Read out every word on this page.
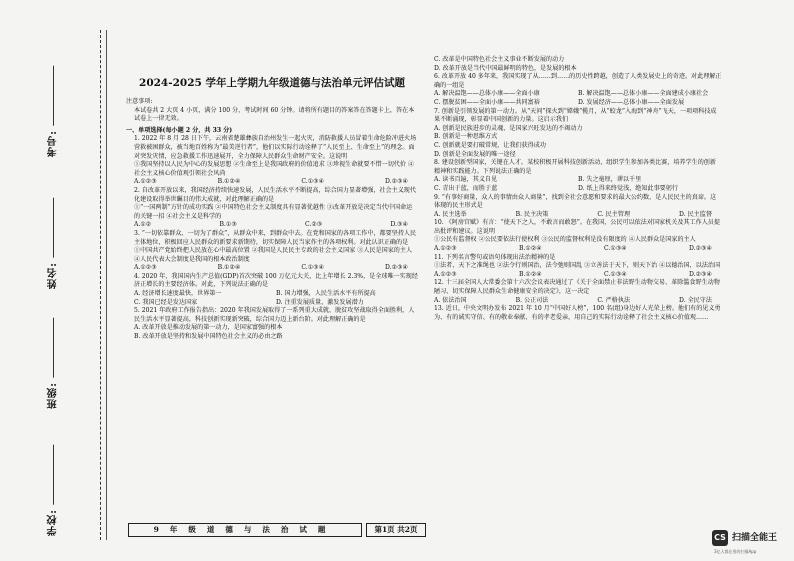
学校:
班级:
姓名:
考号:
2024-2025 学年上学期九年级道德与法治单元评估试题

注意事项:

本试卷共 2 大页 4 小页，满分 100 分，考试时间 60 分钟。请将所有题目的答案答在答题卡上，答在本试卷上一律无效。

一、单项选择(每小题 2 分，共 33 分)

1. 2022 年 8 月 28 日下午，云南省楚雄彝族自治州发生一起火灾，消防救援人员冒着生命危险冲进火场营救被困群众，被当地百姓称为“最美逆行者”，他们以实际行动诠释了“人民至上、生命至上”的理念。面对突发灾情，应急救援工作迅速展开，全力保障人民群众生命财产安全。这说明

①我国坚持以人民为中心的发展思想 ②生命至上是我国政府的价值追求 ③珍视生命就要不惜一切代价 ④社会主义核心价值观引领社会风尚

A.①②③	B.①②④	C.①③④	D.②③④

2. 自改革开放以来，我国经济持续快速发展，人民生活水平不断提高，综合国力显著增强，社会主义现代化建设取得举世瞩目的伟大成就，对此理解正确的是

①“一国两制”方针的成功实践 ②中国特色社会主义制度具有显著优越性 ③改革开放是决定当代中国命运的关键一招 ④社会主义是科学的

A.①②	B.①③	C.②③	D.③④

3. “一切依靠群众、一切为了群众”，从群众中来，到群众中去。在党和国家的各项工作中，都要坚持人民主体地位，积极回应人民群众的新要求新期待，切实保障人民当家作主的各项权利。对此认识正确的是

①中国共产党始终把人民放在心中最高位置 ②我国是人民民主专政的社会主义国家 ③人民是国家的主人 ④人民代表大会制度是我国的根本政治制度

A.①②③	B.①②④	C.①③④	D.②③④

4. 2020 年，我国国内生产总值(GDP)首次突破 100 万亿元大关，比上年增长 2.3%，是全球唯一实现经济正增长的主要经济体。对此，下列说法正确的是

A. 经济增长速度最快，世界第一	B. 国力增强，人民生活水平有所提高
C. 我国已经是发达国家	D. 注重发展质量，激发发展潜力

5. 2021 年政府工作报告指出：2020 年我国发展取得了一系列重大成就，脱贫攻坚战取得全面胜利，人民生活水平显著提高，科技创新实现新突破，综合国力迈上新台阶。对此理解正确的是

A. 改革开放是推动发展的第一动力，是国家富强的根本

B. 改革开放是坚持和发展中国特色社会主义的必由之路

C. 改革是中国特色社会主义事业不断发展的动力

D. 改革开放是当代中国最鲜明的特色，是发展的根本

6. 改革开放 40 多年来，我国实现了从……到……的历史性跨越，创造了人类发展史上的奇迹。对此理解正确的一组是

A. 解决温饱——总体小康——全面小康	B. 解决温饱——总体小康——全面建成小康社会
C. 摆脱贫困——全面小康——共同富裕	D. 发展经济——总体小康——全面发展

7. 创新是引领发展的第一动力。从“天问”探火到“嫦娥”揽月，从“蛟龙”入海到“神舟”飞天，一项项科技成果不断涌现，彰显着中国创新的力量。这启示我们

A. 创新是民族进步的灵魂，是国家兴旺发达的不竭动力

B. 创新是一种思维方式

C. 创新就是要打破常规，让我们获得成功

D. 创新是全面发展的唯一途径

8. 建设创新型国家，关键在人才。某校积极开展科技创新活动，组织学生参加各类比赛，培养学生的创新精神和实践能力。下列说法正确的是

A. 读书百遍，其义自见	B. 失之毫厘，谬以千里
C. 青出于蓝，而胜于蓝	D. 纸上得来终觉浅，绝知此事要躬行

9. “有事好商量，众人的事情由众人商量”，找到全社会意愿和要求的最大公约数，是人民民主的真谛。这体现的民主形式是

A. 民主选举	B. 民主决策	C. 民主管理	D. 民主监督

10. 《阿房宫赋》有言：“使天下之人，不敢言而敢怒”。在我国，公民可以依法对国家机关及其工作人员提出批评和建议。这说明

①公民有监督权 ②公民要依法行使权利 ③公民的监督权利是没有限度的 ④人民群众是国家的主人

A.①②③	B.①②④	C.①③④	D.②③④

11. 下列名言警句或语句体现出法治精神的是

①法者，天下之准绳也 ②法令行则国治，法令弛则国乱 ③立善法于天下，则天下治 ④以德治国，以法治国

A.①②③	B.①②④	C.①③④	D.②③④

12. 十三届全国人大常委会第十六次会议表决通过了《关于全面禁止非法野生动物交易、革除滥食野生动物陋习、切实保障人民群众生命健康安全的决定》，这一决定

A. 依法治国	B. 公正司法	C. 严格执法	D. 全民守法

13. 近日，中央文明办发布 2021 年 10 月“中国好人榜”，100 名(组)身边好人光荣上榜。他们有的见义勇为、有的诚实守信、有的敬业奉献、有的孝老爱亲，用自己的实际行动诠释了社会主义核心价值观……

9年级道德与法治试题	第1页 共2页
CS 扫描全能王
3亿人都在用的扫描App
